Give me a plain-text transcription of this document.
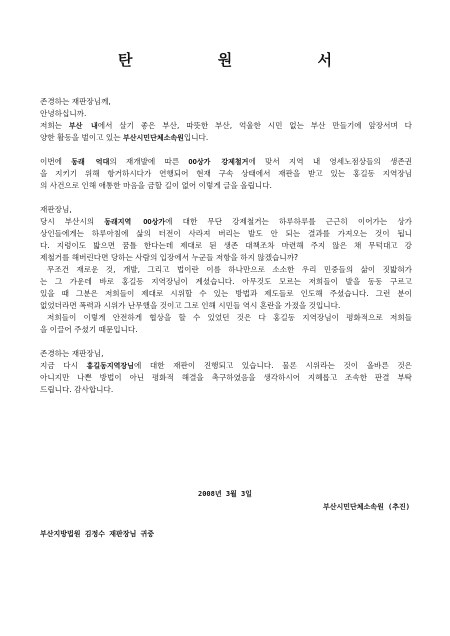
탄 원 서
존경하는 재판장님께,
안녕하십니까.
저희는 부산 내에서 살기 좋은 부산, 따뜻한 부산, 억울한 시민 없는 부산 만들기에 앞장서며 다
양한 활동을 벌이고 있는 부산시민단체소속원입니다.
이번에 동래 억대의 재개발에 따른 OO상가 강제철거에 맞서 지역 내 영세노점상들의 생존권
을 지키기 위해 항거하시다가 연행되어 현재 구속 상태에서 재판을 받고 있는 홍길동 지역장님
의 사건으로 인해 애통한 마음을 금할 길이 없어 이렇게 글을 올립니다.
재판장님,
당시 부산시의 동래지역 OO상가에 대한 무단 강제철거는 하루하루를 근근히 이어가는 상가
상인들에게는 하루아침에 삶의 터전이 사라져 버리는 발도 안 되는 결과를 가져오는 것이 됩니
다. 지렁이도 밟으면 꿈틀 한다는데 제대로 된 생존 대책조차 마련해 주지 않은 채 무턱대고 강
제철거를 해버린다면 당하는 사람의 입장에서 누군들 저항을 하지 않겠습니까?
무조건 재로운 것, 개발, 그리고 법이란 이름 하나만으로 소소한 우리 민중들의 삶이 짓밟혀가
는 그 가운데 바로 홍길동 지역장님이 계셨습니다. 아무것도 모르는 저희들이 발을 동동 구르고
있을 때 그분은 저희들이 제대로 시위할 수 있는 방법과 제도들로 인도해 주셨습니다. 그런 분이
없었더라면 폭력과 시위가 난무했을 것이고 그로 인해 시민들 역시 혼란을 가졌을 것입니다.
저희들이 이렇게 안전하게 협상을 할 수 있었던 것은 다 홍길동 지역장님이 평화적으로 저희들
을 이끌어 주셨기 때문입니다.
존경하는 재판장님,
지금 다시 홍길동지역장님에 대한 재판이 진행되고 있습니다. 물론 시위라는 것이 올바른 것은
아니지만 나쁜 방법이 아닌 평화적 해결을 촉구하였음을 생각하시어 지혜롭고 조속한 판결 부탁
드립니다. 감사합니다.
2008년 3월 3일
부산시민단체소속원 (추진)
부산지방법원 김정수 재판장님 귀중
